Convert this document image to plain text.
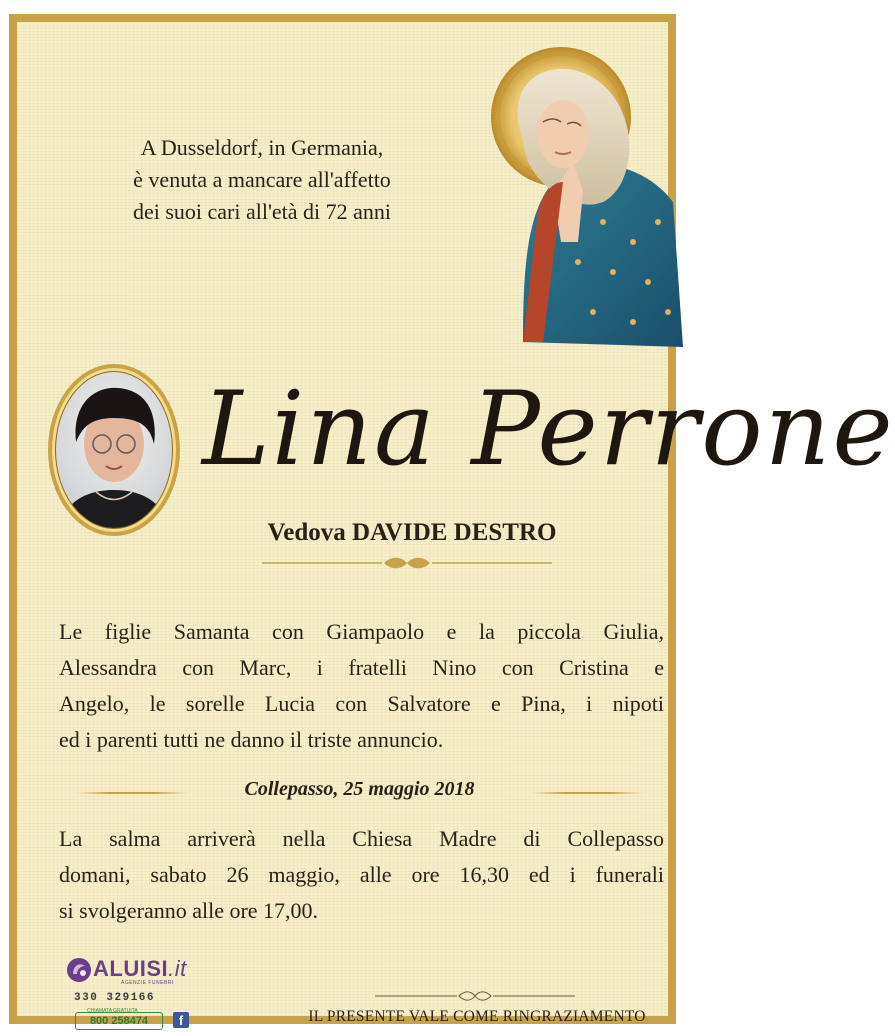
A Dusseldorf, in Germania,
è venuta a mancare all'affetto
dei suoi cari all'età di 72 anni
Lina Perrone
Vedova DAVIDE DESTRO
Le figlie Samanta con Giampaolo e la piccola Giulia,
Alessandra con Marc, i fratelli Nino con Cristina e
Angelo, le sorelle Lucia con Salvatore e Pina, i nipoti
ed i parenti tutti ne danno il triste annuncio.
Collepasso, 25 maggio 2018
La salma arriverà nella Chiesa Madre di Collepasso
domani, sabato 26 maggio, alle ore 16,30 ed i funerali
si svolgeranno alle ore 17,00.
ALUISI.it
AGENZIE FUNEBRI
330 329166
CHIAMATA GRATUITA
800 258474	f	IL PRESENTE VALE COME RINGRAZIAMENTO
